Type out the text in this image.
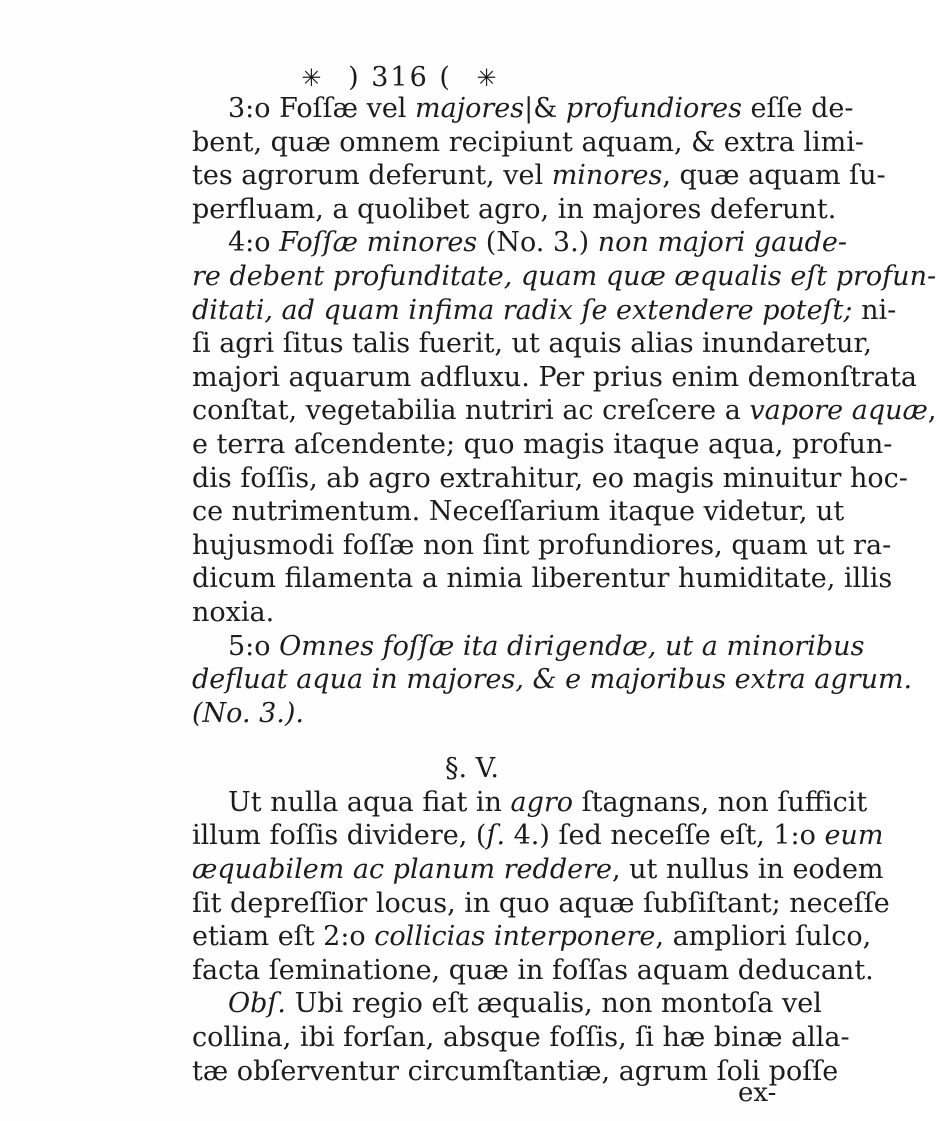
✳ ) 316 ( ✳
3:o Foſſæ vel majores|& profundiores eſſe de-
bent, quæ omnem recipiunt aquam, & extra limi-
tes agrorum deferunt, vel minores, quæ aquam ſu-
perfluam, a quolibet agro, in majores deferunt.
4:o Foſſæ minores (No. 3.) non majori gaude-
re debent profunditate, quam quæ æqualis eſt profun-
ditati, ad quam infima radix ſe extendere poteſt; ni-
ſi agri ſitus talis fuerit, ut aquis alias inundaretur,
majori aquarum adfluxu. Per prius enim demonſtrata
conſtat, vegetabilia nutriri ac creſcere a vapore aquæ,
e terra aſcendente; quo magis itaque aqua, profun-
dis foſſis, ab agro extrahitur, eo magis minuitur hoc-
ce nutrimentum. Neceſſarium itaque videtur, ut
hujusmodi foſſæ non ſint profundiores, quam ut ra-
dicum filamenta a nimia liberentur humiditate, illis
noxia.
5:o Omnes foſſæ ita dirigendæ, ut a minoribus
defluat aqua in majores, & e majoribus extra agrum.
(No. 3.).
§. V.
Ut nulla aqua fiat in agro ſtagnans, non ſufficit
illum foſſis dividere, (ſ. 4.) ſed neceſſe eſt, 1:o eum
æquabilem ac planum reddere, ut nullus in eodem
ſit depreſſior locus, in quo aquæ ſubſiſtant; neceſſe
etiam eſt 2:o collicias interponere, ampliori ſulco,
facta ſeminatione, quæ in foſſas aquam deducant.
Obſ. Ubi regio eſt æqualis, non montoſa vel
collina, ibi forſan, absque foſſis, ſi hæ binæ alla-
tæ obſerventur circumſtantiæ, agrum ſoli poſſe
ex-
